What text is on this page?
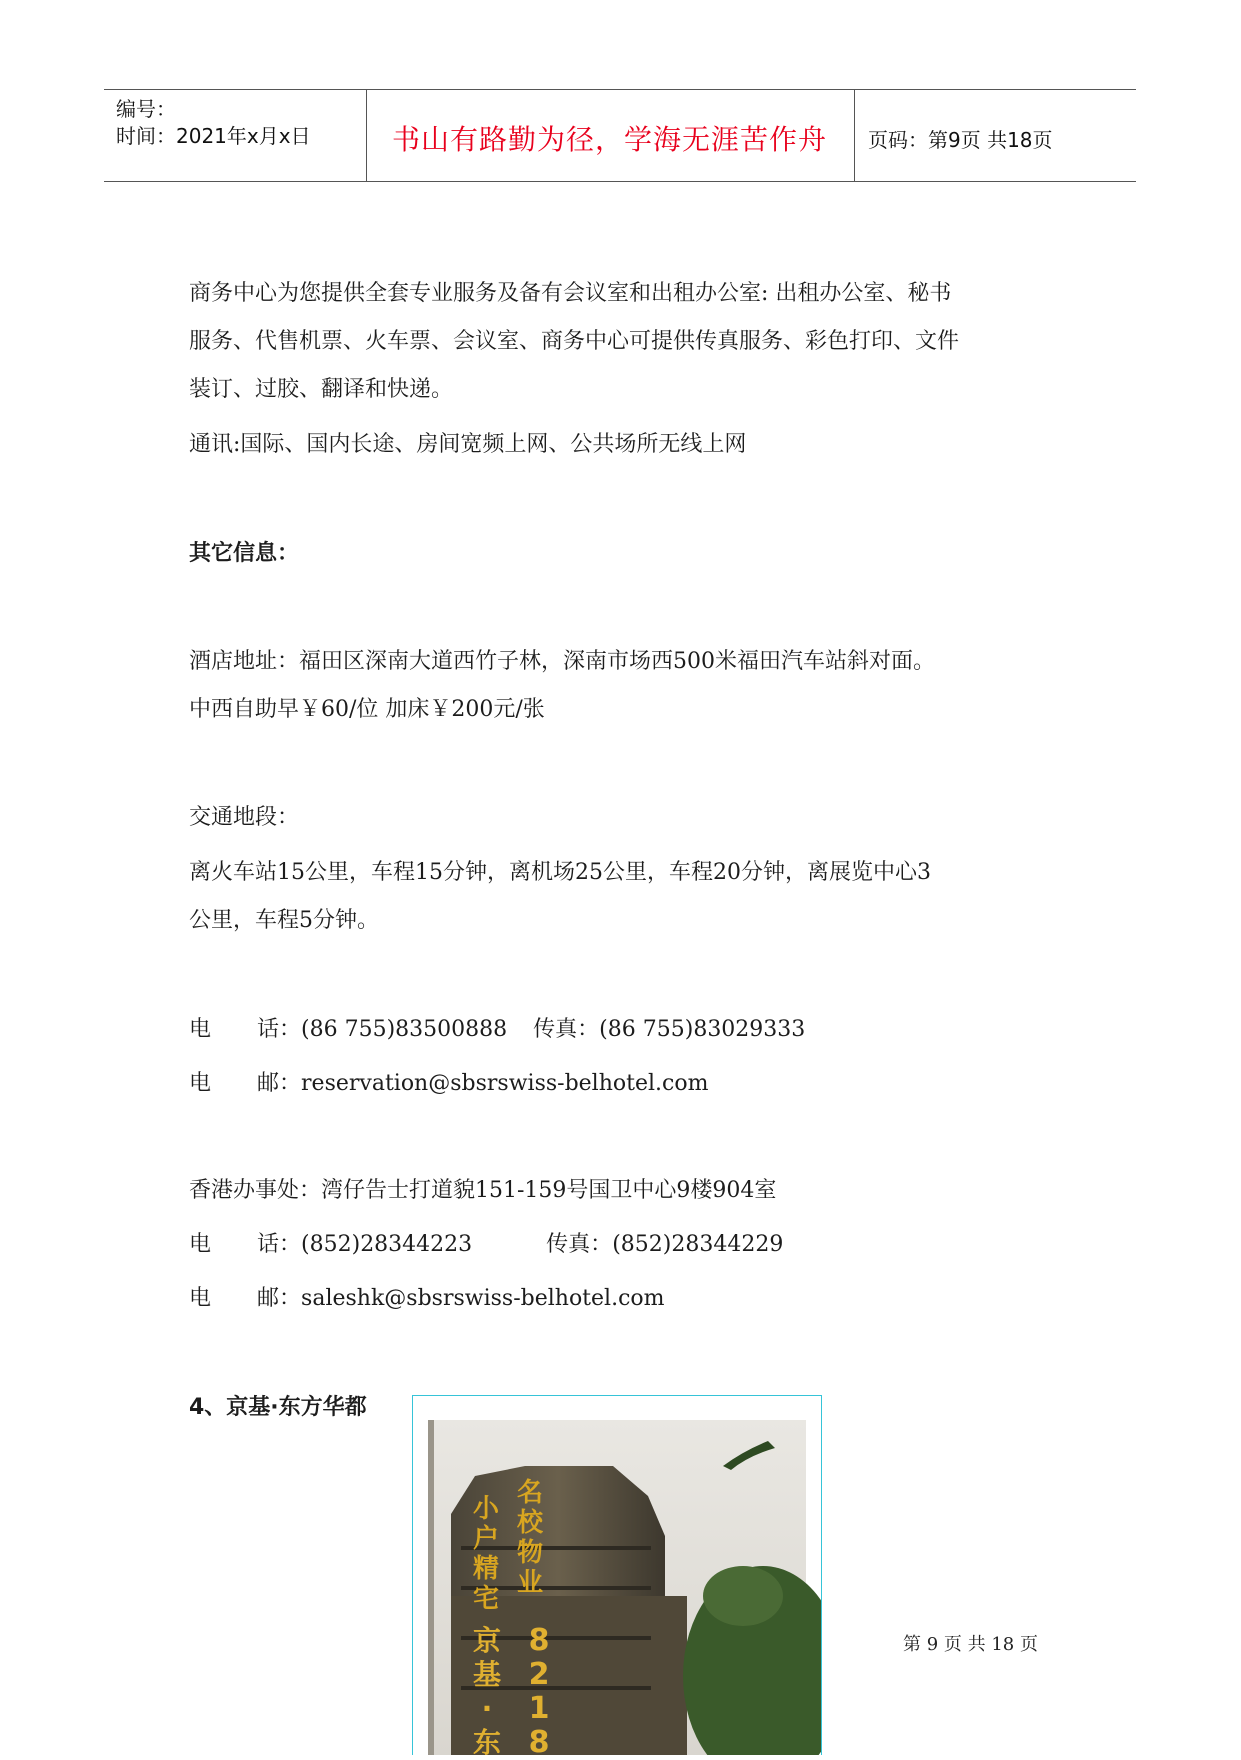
编号：
时间：2021年x月x日	书山有路勤为径，学海无涯苦作舟 页码：第9页 共18页
商务中心为您提供全套专业服务及备有会议室和出租办公室: 出租办公室、秘书
服务、代售机票、火车票、会议室、商务中心可提供传真服务、彩色打印、文件
装订、过胶、翻译和快递。
通讯:国际、国内长途、房间宽频上网、公共场所无线上网
其它信息：
酒店地址：福田区深南大道西竹子林，深南市场西500米福田汽车站斜对面。
中西自助早￥60/位 加床￥200元/张
交通地段：
离火车站15公里，车程15分钟，离机场25公里，车程20分钟，离展览中心3
公里，车程5分钟。
电 话：(86 755)83500888 传真：(86 755)83029333
电 邮：reservation@sbsrswiss-belhotel.com
香港办事处：湾仔告士打道貌151-159号国卫中心9楼904室
电 话：(852)28344223	传真：(852)28344229
电 邮：saleshk@sbsrswiss-belhotel.com
4、京基·东方华都
小
户
精
宅
名
校
物
业
京
基
·
东
8
2
1
8
第 9 页 共 18 页
